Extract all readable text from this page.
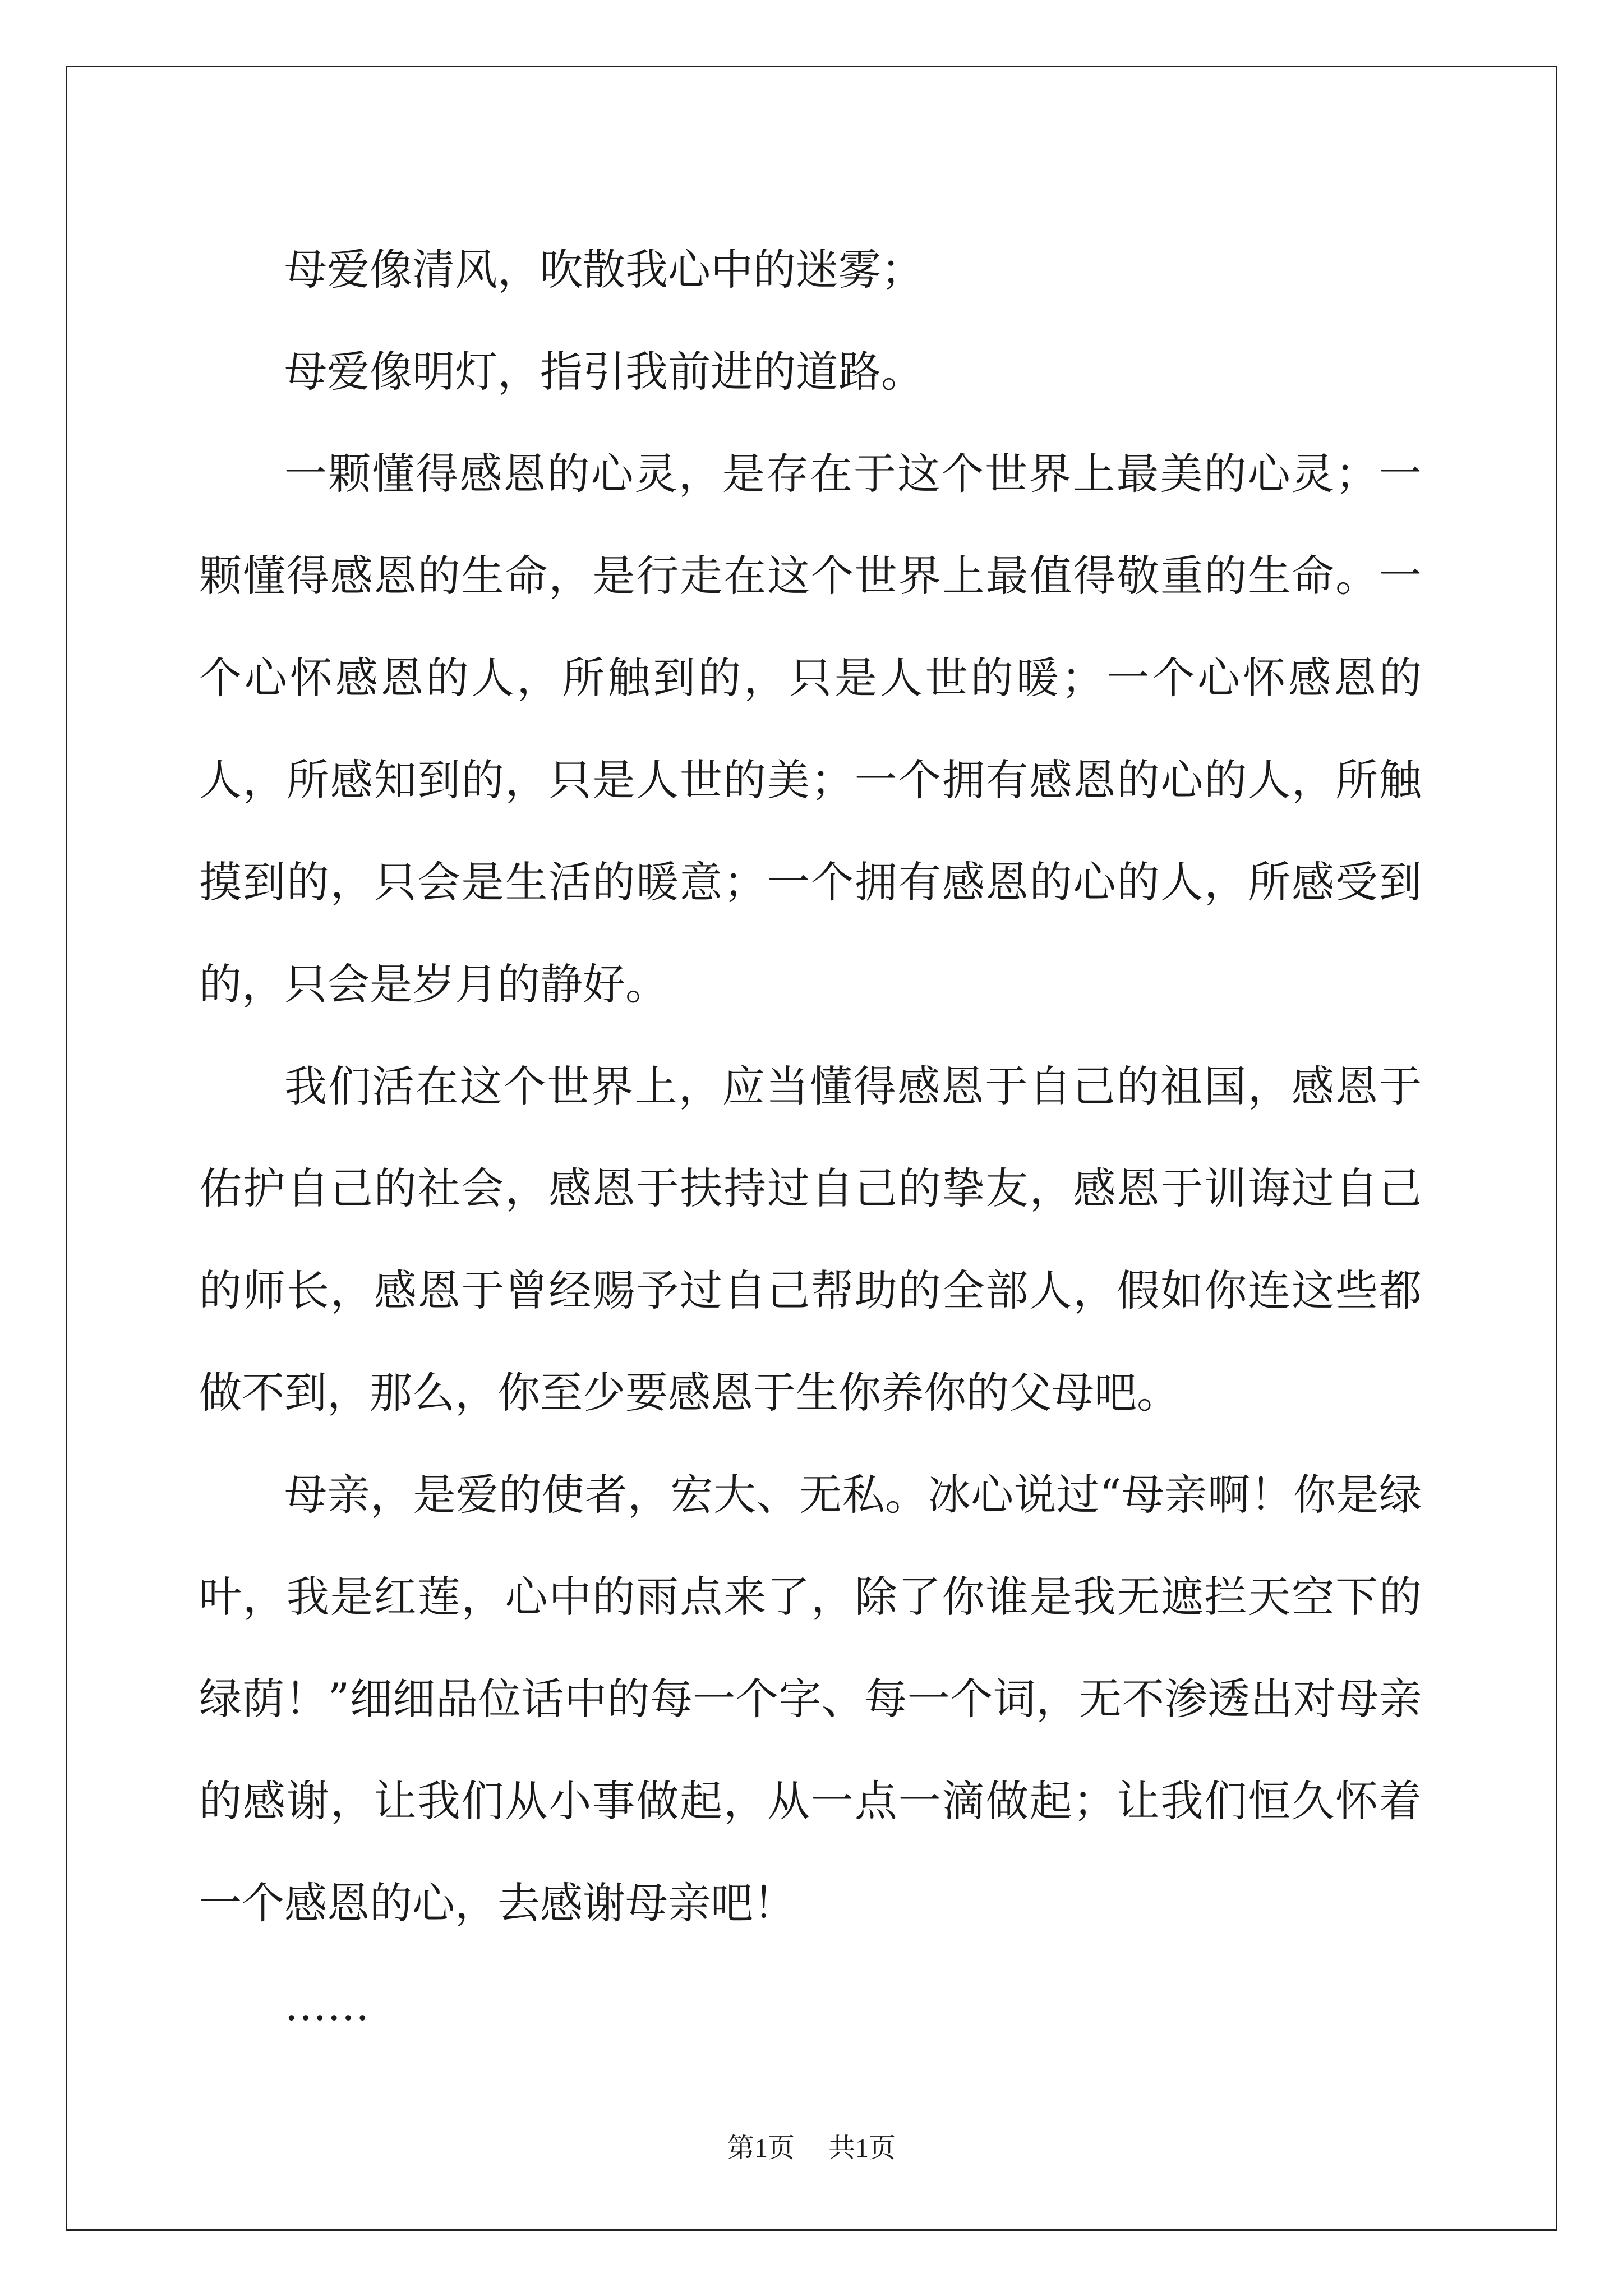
母爱像清风，吹散我心中的迷雾；

母爱像明灯，指引我前进的道路。

一颗懂得感恩的心灵，是存在于这个世界上最美的心灵；一颗懂得感恩的生命，是行走在这个世界上最值得敬重的生命。一个心怀感恩的人，所触到的，只是人世的暖；一个心怀感恩的人，所感知到的，只是人世的美；一个拥有感恩的心的人，所触摸到的，只会是生活的暖意；一个拥有感恩的心的人，所感受到的，只会是岁月的静好。

我们活在这个世界上，应当懂得感恩于自己的祖国，感恩于佑护自己的社会，感恩于扶持过自己的挚友，感恩于训诲过自己的师长，感恩于曾经赐予过自己帮助的全部人，假如你连这些都做不到，那么，你至少要感恩于生你养你的父母吧。

母亲，是爱的使者，宏大、无私。冰心说过“母亲啊！你是绿叶，我是红莲，心中的雨点来了，除了你谁是我无遮拦天空下的绿荫！”细细品位话中的每一个字、每一个词，无不渗透出对母亲的感谢，让我们从小事做起，从一点一滴做起；让我们恒久怀着一个感恩的心，去感谢母亲吧！

……

第1页 共1页
